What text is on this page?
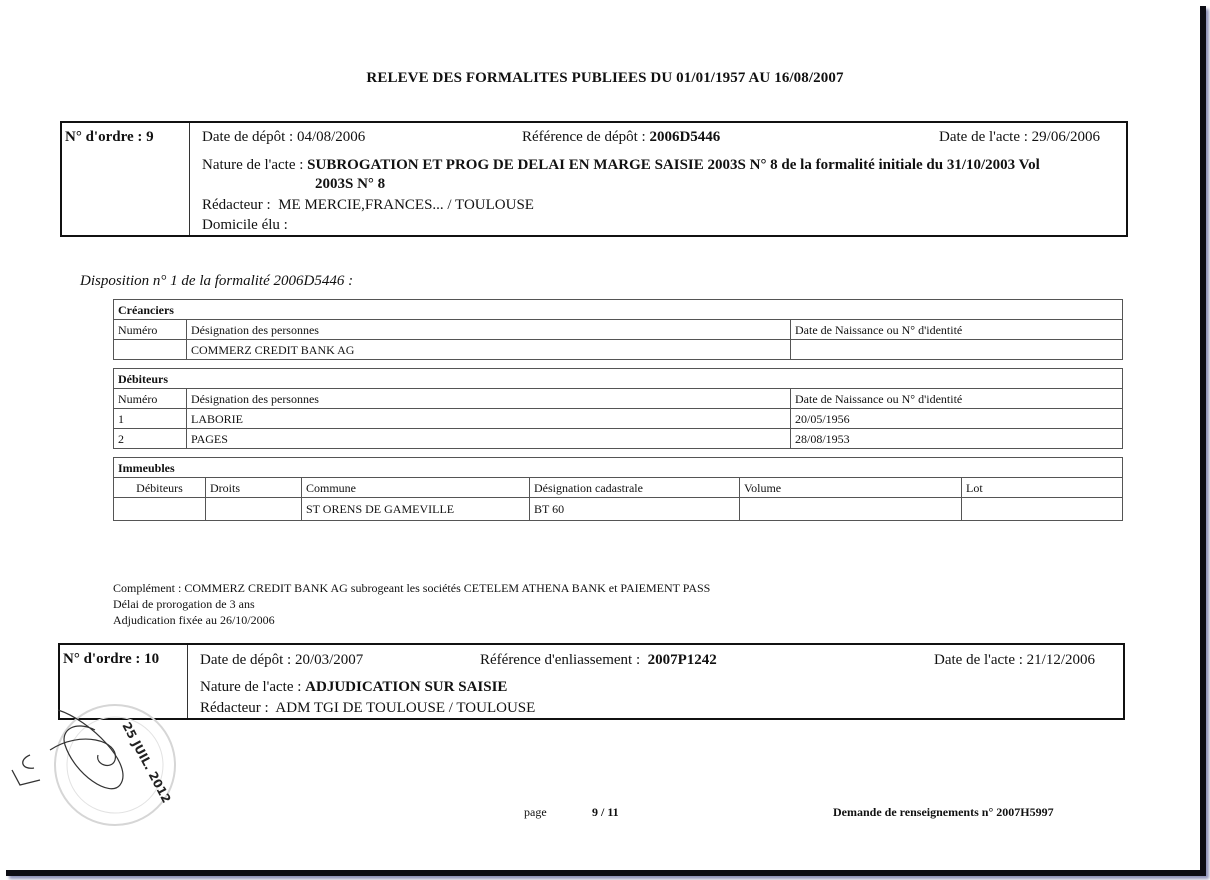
RELEVE DES FORMALITES PUBLIEES DU 01/01/1957 AU 16/08/2007
N° d'ordre : 9	Date de dépôt : 04/08/2006	Référence de dépôt : 2006D5446	Date de l'acte : 29/06/2006
Nature de l'acte : SUBROGATION ET PROG DE DELAI EN MARGE SAISIE 2003S N° 8 de la formalité initiale du 31/10/2003 Vol
2003S N° 8
Rédacteur : ME MERCIE,FRANCES... / TOULOUSE
Domicile élu :
Disposition n° 1 de la formalité 2006D5446 :
Créanciers		
Numéro	Désignation des personnes	Date de Naissance ou N° d'identité
	COMMERZ CREDIT BANK AG	
Débiteurs		
Numéro	Désignation des personnes	Date de Naissance ou N° d'identité
1	LABORIE	20/05/1956
2	PAGES	28/08/1953
Immeubles					
Débiteurs	Droits	Commune	Désignation cadastrale	Volume	Lot
		ST ORENS DE GAMEVILLE	BT 60		
Complément : COMMERZ CREDIT BANK AG subrogeant les sociétés CETELEM ATHENA BANK et PAIEMENT PASS
Délai de prorogation de 3 ans
Adjudication fixée au 26/10/2006
N° d'ordre : 10	Date de dépôt : 20/03/2007	Référence d'enliassement : 2007P1242	Date de l'acte : 21/12/2006
Nature de l'acte : ADJUDICATION SUR SAISIE
Rédacteur : ADM TGI DE TOULOUSE / TOULOUSE
25 JUIL. 2012
page	9 / 11	Demande de renseignements n° 2007H5997
